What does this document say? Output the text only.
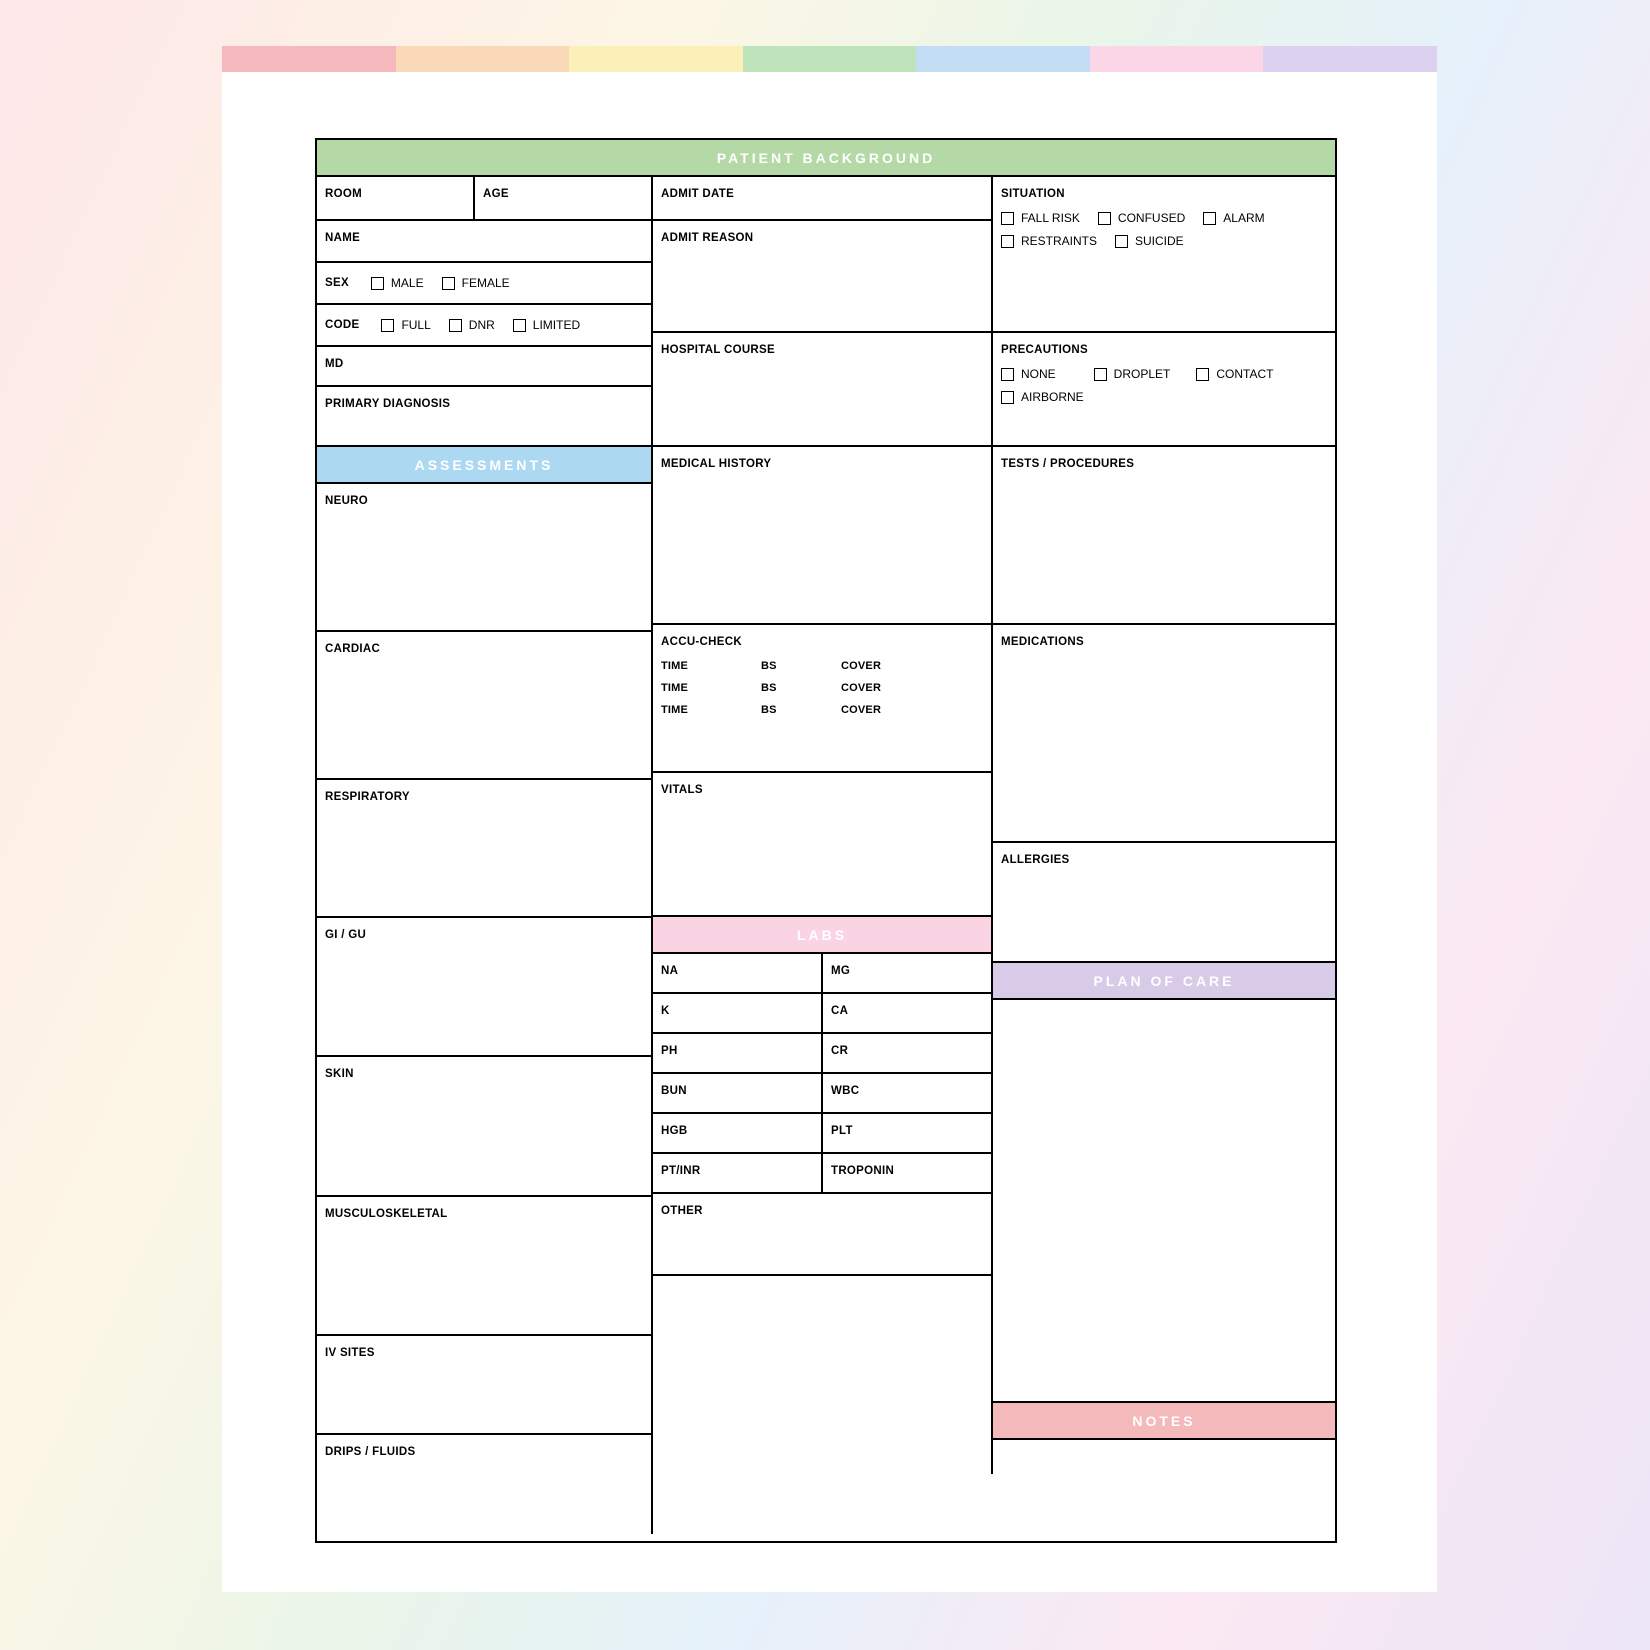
PATIENT BACKGROUND
ROOM	AGE
NAME
SEX	MALE	FEMALE
CODE	FULL	DNR	LIMITED
MD
PRIMARY DIAGNOSIS
ADMIT DATE
ADMIT REASON
HOSPITAL COURSE
SITUATION
FALL RISK	CONFUSED	ALARM
RESTRAINTS	SUICIDE
PRECAUTIONS
NONE	DROPLET	CONTACT
AIRBORNE
ASSESSMENTS
NEURO
CARDIAC
RESPIRATORY
GI / GU
SKIN
MUSCULOSKELETAL
IV SITES
DRIPS / FLUIDS
MEDICAL HISTORY
ACCU-CHECK
TIME	BS	COVER
TIME	BS	COVER
TIME	BS	COVER
VITALS
LABS
NA	MG
K	CA
PH	CR
BUN	WBC
HGB	PLT
PT/INR	TROPONIN
OTHER
TESTS / PROCEDURES
MEDICATIONS
ALLERGIES
PLAN OF CARE
NOTES
